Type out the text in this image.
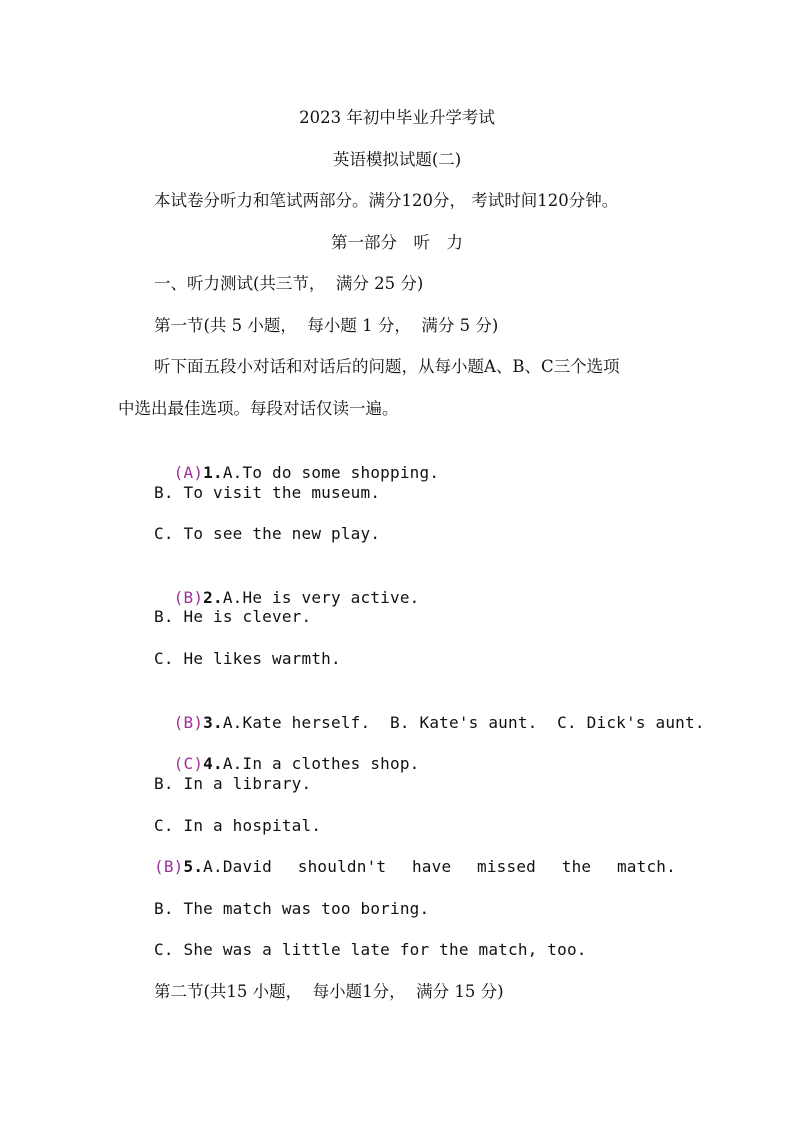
2023 年初中毕业升学考试
英语模拟试题(二)
本试卷分听力和笔试两部分。满分120分， 考试时间120分钟。
第一部分　听　力
一、听力测试(共三节，  满分 25 分)
第一节(共 5 小题，  每小题 1 分，  满分 5 分)
听下面五段小对话和对话后的问题，从每小题A、B、C三个选项
中选出最佳选项。每段对话仅读一遍。

(A)1.A.To do some shopping.

B. To visit the museum.
C. To see the new play.

(B)2.A.He is very active.

B. He is clever.
C. He likes warmth.

(B)3.A.Kate herself.  B. Kate's aunt.  C. Dick's aunt.

(C)4.A.In a clothes shop.

B. In a library.
C. In a hospital.
(B)5.A.David shouldn't have missed the match.
B. The match was too boring.
C. She was a little late for the match, too.
第二节(共15 小题，  每小题1分，  满分 15 分)
